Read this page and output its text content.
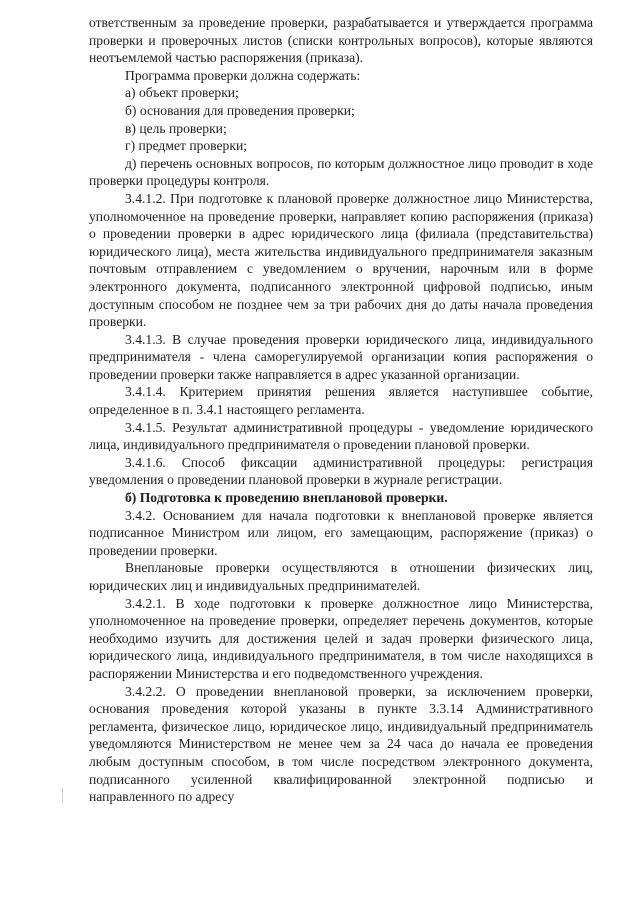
ответственным за проведение проверки, разрабатывается и утверждается программа проверки и проверочных листов (списки контрольных вопросов), которые являются неотъемлемой частью распоряжения (приказа).

Программа проверки должна содержать:

а) объект проверки;

б) основания для проведения проверки;

в) цель проверки;

г) предмет проверки;

д) перечень основных вопросов, по которым должностное лицо проводит в ходе проверки процедуры контроля.

3.4.1.2. При подготовке к плановой проверке должностное лицо Министерства, уполномоченное на проведение проверки, направляет копию распоряжения (приказа) о проведении проверки в адрес юридического лица (филиала (представительства) юридического лица), места жительства индивидуального предпринимателя заказным почтовым отправлением с уведомлением о вручении, нарочным или в форме электронного документа, подписанного электронной цифровой подписью, иным доступным способом не позднее чем за три рабочих дня до даты начала проведения проверки.

3.4.1.3. В случае проведения проверки юридического лица, индивидуального предпринимателя - члена саморегулируемой организации копия распоряжения о проведении проверки также направляется в адрес указанной организации.

3.4.1.4. Критерием принятия решения является наступившее событие, определенное в п. 3.4.1 настоящего регламента.

3.4.1.5. Результат административной процедуры - уведомление юридического лица, индивидуального предпринимателя о проведении плановой проверки.

3.4.1.6. Способ фиксации административной процедуры: регистрация уведомления о проведении плановой проверки в журнале регистрации.

б) Подготовка к проведению внеплановой проверки.

3.4.2. Основанием для начала подготовки к внеплановой проверке является подписанное Министром или лицом, его замещающим, распоряжение (приказ) о проведении проверки.

Внеплановые проверки осуществляются в отношении физических лиц, юридических лиц и индивидуальных предпринимателей.

3.4.2.1. В ходе подготовки к проверке должностное лицо Министерства, уполномоченное на проведение проверки, определяет перечень документов, которые необходимо изучить для достижения целей и задач проверки физического лица, юридического лица, индивидуального предпринимателя, в том числе находящихся в распоряжении Министерства и его подведомственного учреждения.

3.4.2.2. О проведении внеплановой проверки, за исключением проверки, основания проведения которой указаны в пункте 3.3.14 Административного регламента, физическое лицо, юридическое лицо, индивидуальный предприниматель уведомляются Министерством не менее чем за 24 часа до начала ее проведения любым доступным способом, в том числе посредством электронного документа, подписанного усиленной квалифицированной электронной подписью и направленного по адресу
